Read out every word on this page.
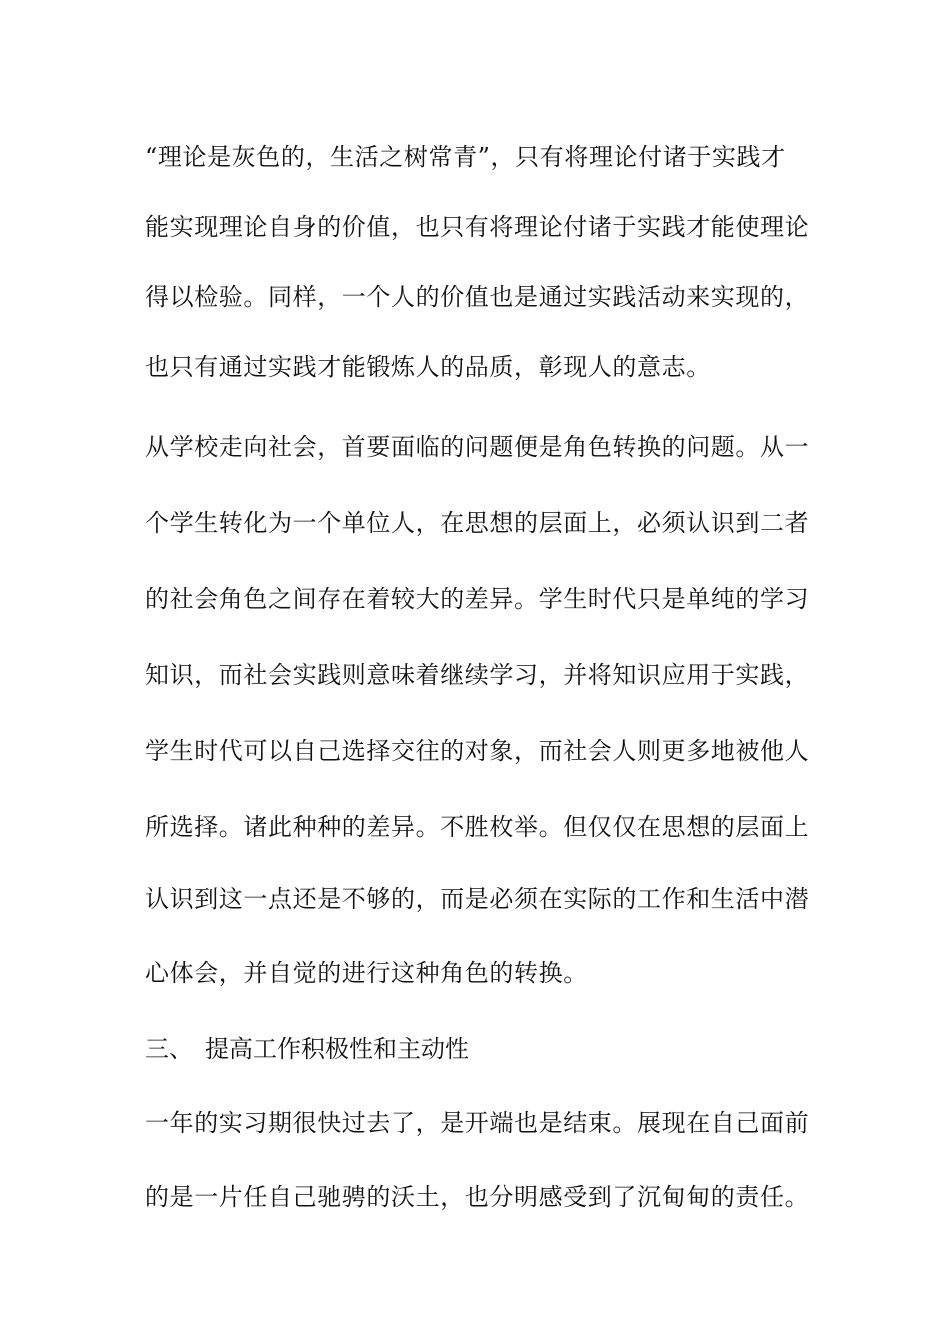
“理论是灰色的，生活之树常青”，只有将理论付诸于实践才
能实现理论自身的价值，也只有将理论付诸于实践才能使理论
得以检验。同样，一个人的价值也是通过实践活动来实现的，
也只有通过实践才能锻炼人的品质，彰现人的意志。
从学校走向社会，首要面临的问题便是角色转换的问题。从一
个学生转化为一个单位人，在思想的层面上，必须认识到二者
的社会角色之间存在着较大的差异。学生时代只是单纯的学习
知识，而社会实践则意味着继续学习，并将知识应用于实践，
学生时代可以自己选择交往的对象，而社会人则更多地被他人
所选择。诸此种种的差异。不胜枚举。但仅仅在思想的层面上
认识到这一点还是不够的，而是必须在实际的工作和生活中潜
心体会，并自觉的进行这种角色的转换。
三、 提高工作积极性和主动性
一年的实习期很快过去了，是开端也是结束。展现在自己面前
的是一片任自己驰骋的沃土，也分明感受到了沉甸甸的责任。
